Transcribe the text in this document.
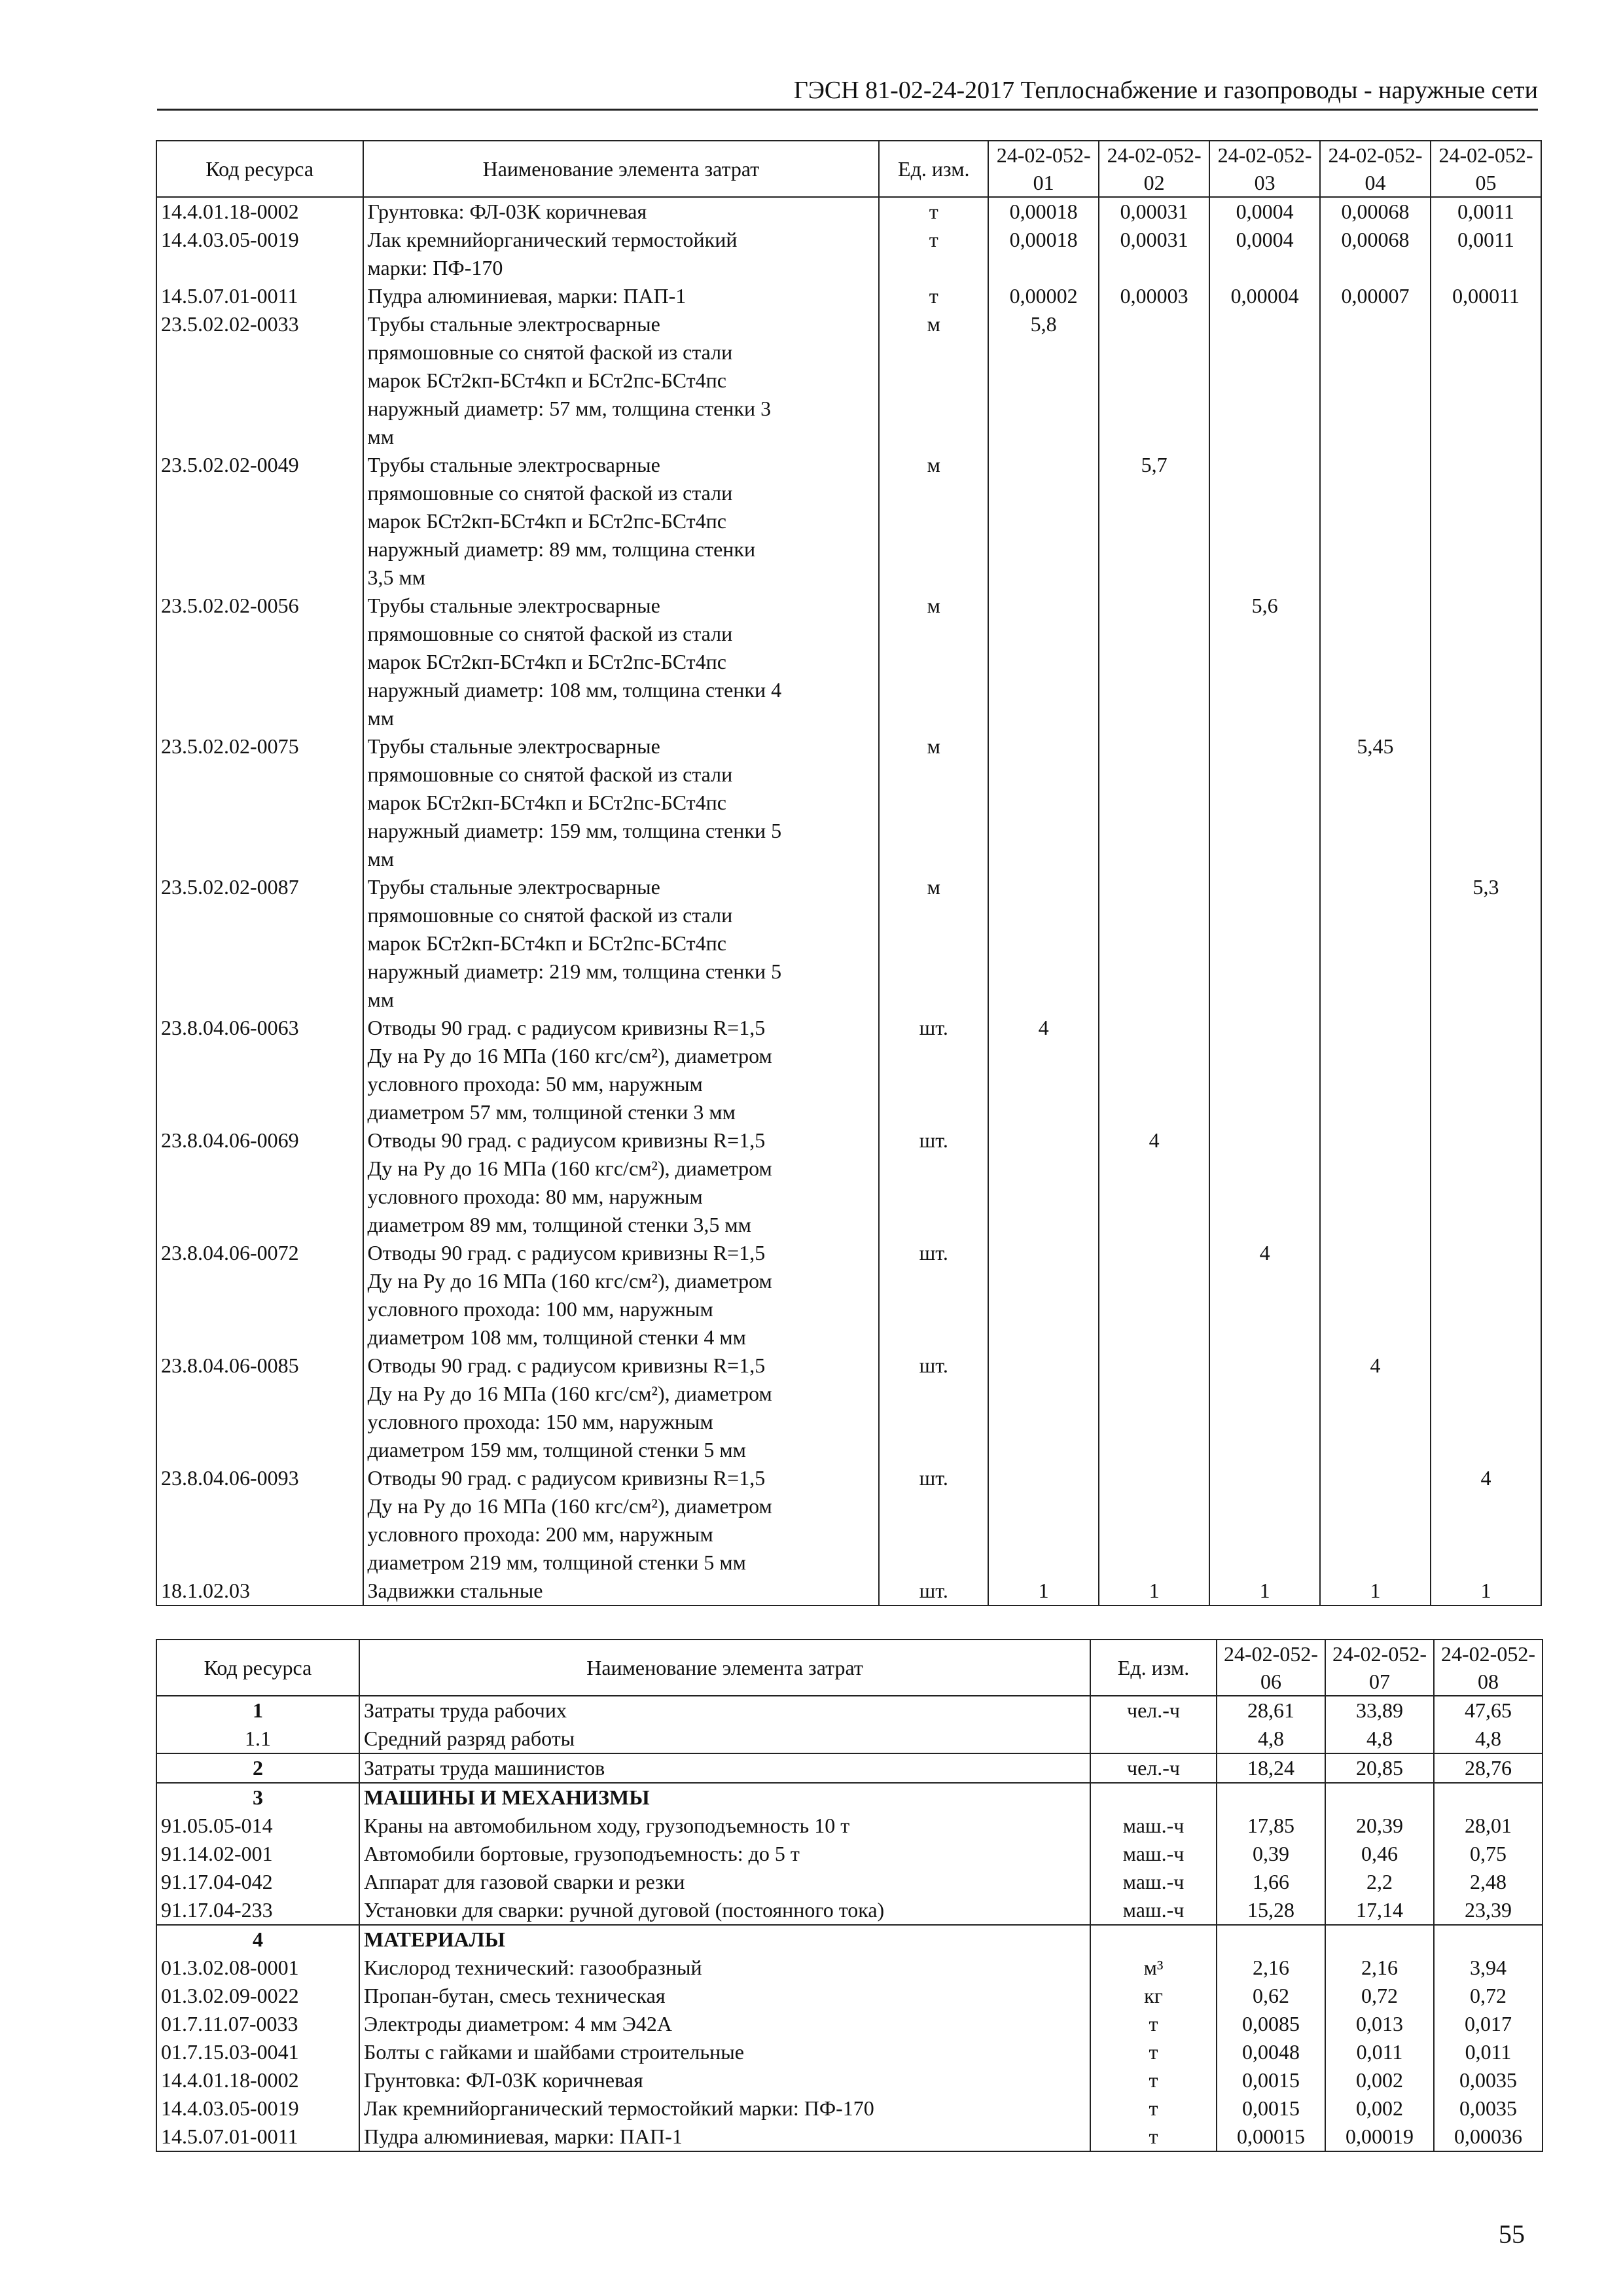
ГЭСН 81-02-24-2017 Теплоснабжение и газопроводы - наружные сети
Код ресурса	Наименование элемента затрат	Ед. изм.	24-02-052-01	24-02-052-02	24-02-052-03	24-02-052-04	24-02-052-05
14.4.01.18-0002	Грунтовка: ФЛ-03К коричневая	т	0,00018	0,00031	0,0004	0,00068	0,0011
14.4.03.05-0019	Лак кремнийорганический термостойкий
марки: ПФ-170	т	0,00018	0,00031	0,0004	0,00068	0,0011
14.5.07.01-0011	Пудра алюминиевая, марки: ПАП-1	т	0,00002	0,00003	0,00004	0,00007	0,00011
23.5.02.02-0033	Трубы стальные электросварные
прямошовные со снятой фаской из стали
марок БСт2кп-БСт4кп и БСт2пс-БСт4пс
наружный диаметр: 57 мм, толщина стенки 3
мм	м	5,8				
23.5.02.02-0049	Трубы стальные электросварные
прямошовные со снятой фаской из стали
марок БСт2кп-БСт4кп и БСт2пс-БСт4пс
наружный диаметр: 89 мм, толщина стенки
3,5 мм	м		5,7			
23.5.02.02-0056	Трубы стальные электросварные
прямошовные со снятой фаской из стали
марок БСт2кп-БСт4кп и БСт2пс-БСт4пс
наружный диаметр: 108 мм, толщина стенки 4
мм	м			5,6		
23.5.02.02-0075	Трубы стальные электросварные
прямошовные со снятой фаской из стали
марок БСт2кп-БСт4кп и БСт2пс-БСт4пс
наружный диаметр: 159 мм, толщина стенки 5
мм	м				5,45	
23.5.02.02-0087	Трубы стальные электросварные
прямошовные со снятой фаской из стали
марок БСт2кп-БСт4кп и БСт2пс-БСт4пс
наружный диаметр: 219 мм, толщина стенки 5
мм	м					5,3
23.8.04.06-0063	Отводы 90 град. с радиусом кривизны R=1,5
Ду на Ру до 16 МПа (160 кгс/см²), диаметром
условного прохода: 50 мм, наружным
диаметром 57 мм, толщиной стенки 3 мм	шт.	4				
23.8.04.06-0069	Отводы 90 град. с радиусом кривизны R=1,5
Ду на Ру до 16 МПа (160 кгс/см²), диаметром
условного прохода: 80 мм, наружным
диаметром 89 мм, толщиной стенки 3,5 мм	шт.		4			
23.8.04.06-0072	Отводы 90 град. с радиусом кривизны R=1,5
Ду на Ру до 16 МПа (160 кгс/см²), диаметром
условного прохода: 100 мм, наружным
диаметром 108 мм, толщиной стенки 4 мм	шт.			4		
23.8.04.06-0085	Отводы 90 град. с радиусом кривизны R=1,5
Ду на Ру до 16 МПа (160 кгс/см²), диаметром
условного прохода: 150 мм, наружным
диаметром 159 мм, толщиной стенки 5 мм	шт.				4	
23.8.04.06-0093	Отводы 90 град. с радиусом кривизны R=1,5
Ду на Ру до 16 МПа (160 кгс/см²), диаметром
условного прохода: 200 мм, наружным
диаметром 219 мм, толщиной стенки 5 мм	шт.					4
18.1.02.03	Задвижки стальные	шт.	1	1	1	1	1
Код ресурса	Наименование элемента затрат	Ед. изм.	24-02-052-06	24-02-052-07	24-02-052-08
1	Затраты труда рабочих	чел.-ч	28,61	33,89	47,65
1.1	Средний разряд работы		4,8	4,8	4,8
2	Затраты труда машинистов	чел.-ч	18,24	20,85	28,76
3	МАШИНЫ И МЕХАНИЗМЫ				
91.05.05-014	Краны на автомобильном ходу, грузоподъемность 10 т	маш.-ч	17,85	20,39	28,01
91.14.02-001	Автомобили бортовые, грузоподъемность: до 5 т	маш.-ч	0,39	0,46	0,75
91.17.04-042	Аппарат для газовой сварки и резки	маш.-ч	1,66	2,2	2,48
91.17.04-233	Установки для сварки: ручной дуговой (постоянного тока)	маш.-ч	15,28	17,14	23,39
4	МАТЕРИАЛЫ				
01.3.02.08-0001	Кислород технический: газообразный	м³	2,16	2,16	3,94
01.3.02.09-0022	Пропан-бутан, смесь техническая	кг	0,62	0,72	0,72
01.7.11.07-0033	Электроды диаметром: 4 мм Э42А	т	0,0085	0,013	0,017
01.7.15.03-0041	Болты с гайками и шайбами строительные	т	0,0048	0,011	0,011
14.4.01.18-0002	Грунтовка: ФЛ-03К коричневая	т	0,0015	0,002	0,0035
14.4.03.05-0019	Лак кремнийорганический термостойкий марки: ПФ-170	т	0,0015	0,002	0,0035
14.5.07.01-0011	Пудра алюминиевая, марки: ПАП-1	т	0,00015	0,00019	0,00036
55
